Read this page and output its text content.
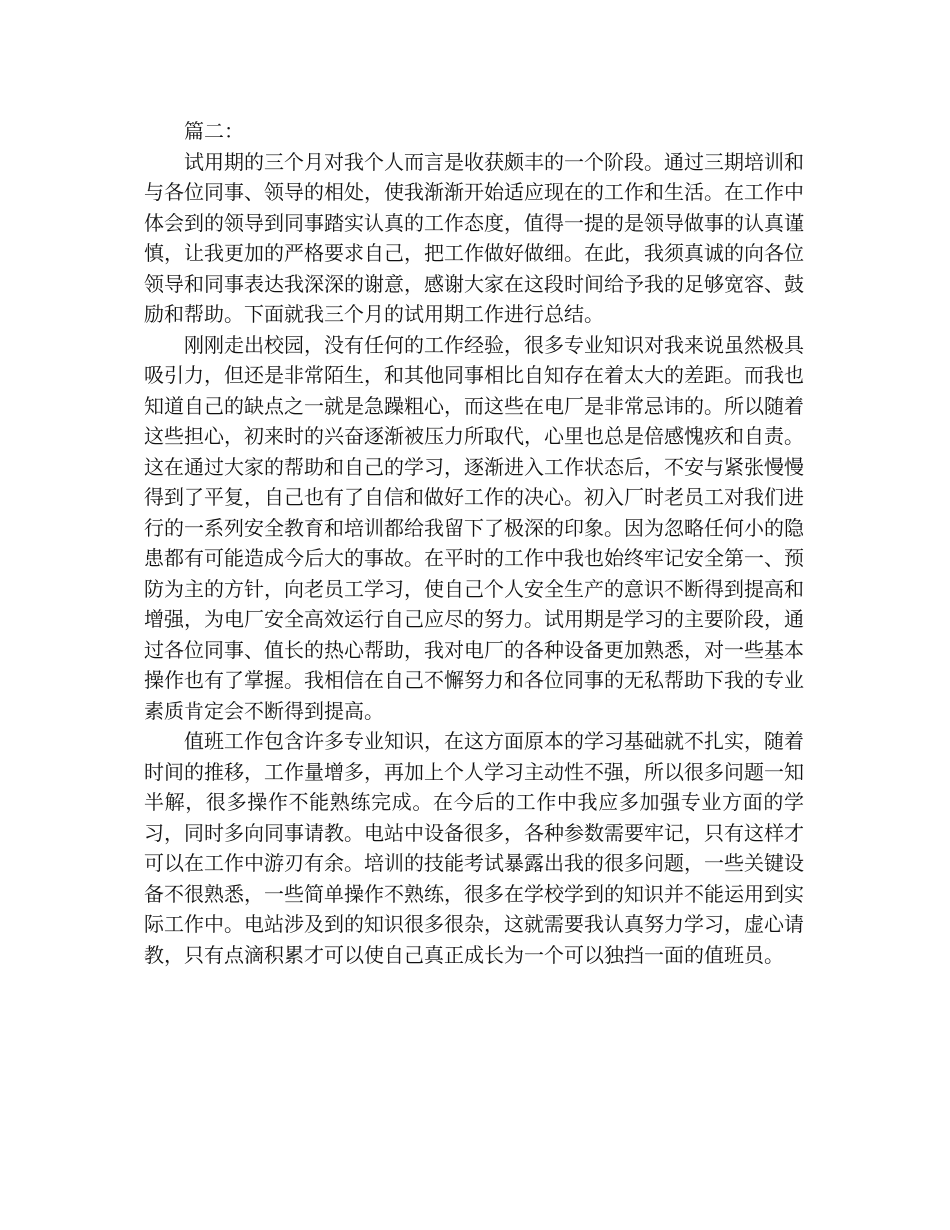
篇二：

试用期的三个月对我个人而言是收获颇丰的一个阶段。通过三期培训和与各位同事、领导的相处，使我渐渐开始适应现在的工作和生活。在工作中体会到的领导到同事踏实认真的工作态度，值得一提的是领导做事的认真谨慎，让我更加的严格要求自己，把工作做好做细。在此，我须真诚的向各位领导和同事表达我深深的谢意，感谢大家在这段时间给予我的足够宽容、鼓励和帮助。下面就我三个月的试用期工作进行总结。

刚刚走出校园，没有任何的工作经验，很多专业知识对我来说虽然极具吸引力，但还是非常陌生，和其他同事相比自知存在着太大的差距。而我也知道自己的缺点之一就是急躁粗心，而这些在电厂是非常忌讳的。所以随着这些担心，初来时的兴奋逐渐被压力所取代，心里也总是倍感愧疚和自责。这在通过大家的帮助和自己的学习，逐渐进入工作状态后，不安与紧张慢慢得到了平复，自己也有了自信和做好工作的决心。初入厂时老员工对我们进行的一系列安全教育和培训都给我留下了极深的印象。因为忽略任何小的隐患都有可能造成今后大的事故。在平时的工作中我也始终牢记安全第一、预防为主的方针，向老员工学习，使自己个人安全生产的意识不断得到提高和增强，为电厂安全高效运行自己应尽的努力。试用期是学习的主要阶段，通过各位同事、值长的热心帮助，我对电厂的各种设备更加熟悉，对一些基本操作也有了掌握。我相信在自己不懈努力和各位同事的无私帮助下我的专业素质肯定会不断得到提高。

值班工作包含许多专业知识，在这方面原本的学习基础就不扎实，随着时间的推移，工作量增多，再加上个人学习主动性不强，所以很多问题一知半解，很多操作不能熟练完成。在今后的工作中我应多加强专业方面的学习，同时多向同事请教。电站中设备很多，各种参数需要牢记，只有这样才可以在工作中游刃有余。培训的技能考试暴露出我的很多问题，一些关键设备不很熟悉，一些简单操作不熟练，很多在学校学到的知识并不能运用到实际工作中。电站涉及到的知识很多很杂，这就需要我认真努力学习，虚心请教，只有点滴积累才可以使自己真正成长为一个可以独挡一面的值班员。
